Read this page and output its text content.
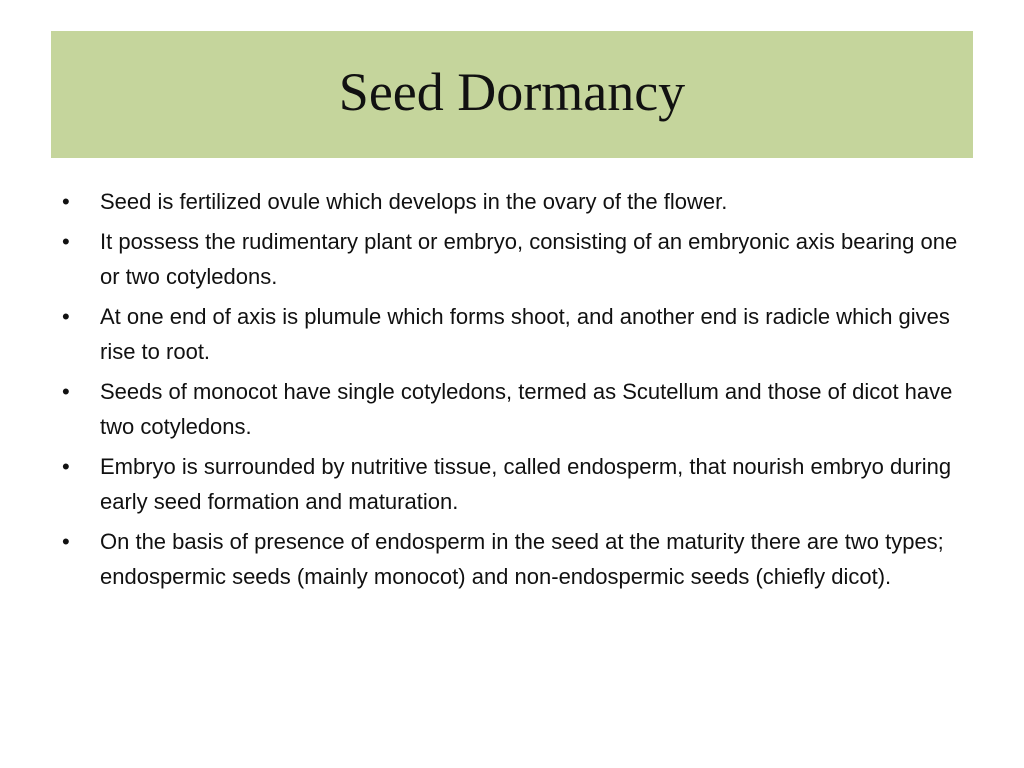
Seed Dormancy
•	Seed is fertilized ovule which develops in the ovary of the flower.
•	It possess the rudimentary plant or embryo, consisting of an embryonic axis bearing one or two cotyledons.
•	At one end of axis is plumule which forms shoot, and another end is radicle which gives rise to root.
•	Seeds of monocot have single cotyledons, termed as Scutellum and those of dicot have two cotyledons.
•	Embryo is surrounded by nutritive tissue, called endosperm, that nourish embryo during early seed formation and maturation.
•	On the basis of presence of endosperm in the seed at the maturity there are two types; endospermic seeds (mainly monocot) and non-endospermic seeds (chiefly dicot).
